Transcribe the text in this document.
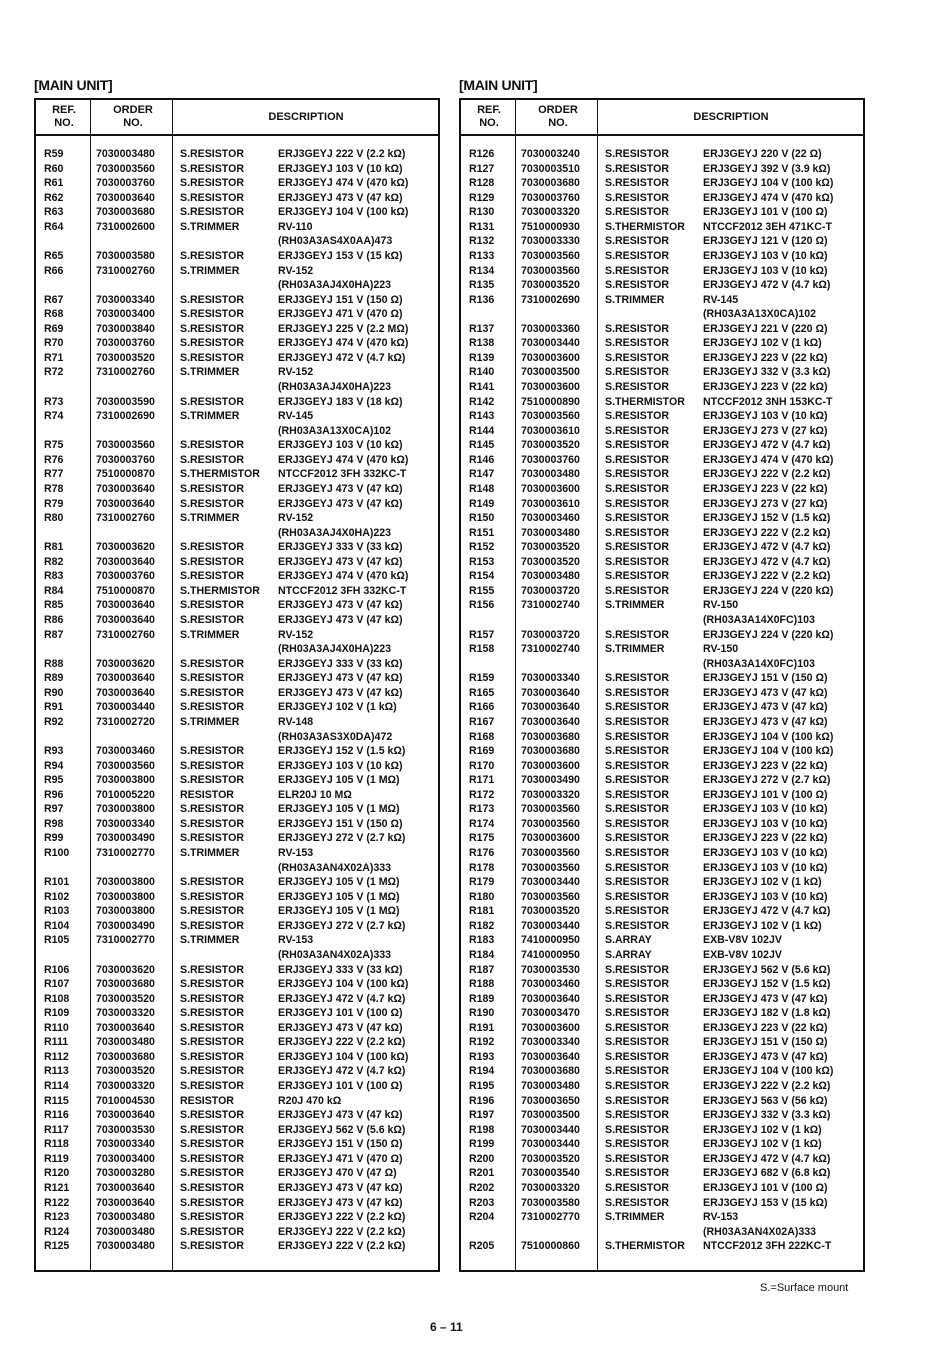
[MAIN UNIT]
REF.
NO.
ORDER
NO.
DESCRIPTION
R59	7030003480	S.RESISTOR	ERJ3GEYJ 222 V (2.2 kΩ)
R60	7030003560	S.RESISTOR	ERJ3GEYJ 103 V (10 kΩ)
R61	7030003760	S.RESISTOR	ERJ3GEYJ 474 V (470 kΩ)
R62	7030003640	S.RESISTOR	ERJ3GEYJ 473 V (47 kΩ)
R63	7030003680	S.RESISTOR	ERJ3GEYJ 104 V (100 kΩ)
R64	7310002600	S.TRIMMER	RV-110
(RH03A3AS4X0AA)473
R65	7030003580	S.RESISTOR	ERJ3GEYJ 153 V (15 kΩ)
R66	7310002760	S.TRIMMER	RV-152
(RH03A3AJ4X0HA)223
R67	7030003340	S.RESISTOR	ERJ3GEYJ 151 V (150 Ω)
R68	7030003400	S.RESISTOR	ERJ3GEYJ 471 V (470 Ω)
R69	7030003840	S.RESISTOR	ERJ3GEYJ 225 V (2.2 MΩ)
R70	7030003760	S.RESISTOR	ERJ3GEYJ 474 V (470 kΩ)
R71	7030003520	S.RESISTOR	ERJ3GEYJ 472 V (4.7 kΩ)
R72	7310002760	S.TRIMMER	RV-152
(RH03A3AJ4X0HA)223
R73	7030003590	S.RESISTOR	ERJ3GEYJ 183 V (18 kΩ)
R74	7310002690	S.TRIMMER	RV-145
(RH03A3A13X0CA)102
R75	7030003560	S.RESISTOR	ERJ3GEYJ 103 V (10 kΩ)
R76	7030003760	S.RESISTOR	ERJ3GEYJ 474 V (470 kΩ)
R77	7510000870	S.THERMISTOR	NTCCF2012 3FH 332KC-T
R78	7030003640	S.RESISTOR	ERJ3GEYJ 473 V (47 kΩ)
R79	7030003640	S.RESISTOR	ERJ3GEYJ 473 V (47 kΩ)
R80	7310002760	S.TRIMMER	RV-152
(RH03A3AJ4X0HA)223
R81	7030003620	S.RESISTOR	ERJ3GEYJ 333 V (33 kΩ)
R82	7030003640	S.RESISTOR	ERJ3GEYJ 473 V (47 kΩ)
R83	7030003760	S.RESISTOR	ERJ3GEYJ 474 V (470 kΩ)
R84	7510000870	S.THERMISTOR	NTCCF2012 3FH 332KC-T
R85	7030003640	S.RESISTOR	ERJ3GEYJ 473 V (47 kΩ)
R86	7030003640	S.RESISTOR	ERJ3GEYJ 473 V (47 kΩ)
R87	7310002760	S.TRIMMER	RV-152
(RH03A3AJ4X0HA)223
R88	7030003620	S.RESISTOR	ERJ3GEYJ 333 V (33 kΩ)
R89	7030003640	S.RESISTOR	ERJ3GEYJ 473 V (47 kΩ)
R90	7030003640	S.RESISTOR	ERJ3GEYJ 473 V (47 kΩ)
R91	7030003440	S.RESISTOR	ERJ3GEYJ 102 V (1 kΩ)
R92	7310002720	S.TRIMMER	RV-148
(RH03A3AS3X0DA)472
R93	7030003460	S.RESISTOR	ERJ3GEYJ 152 V (1.5 kΩ)
R94	7030003560	S.RESISTOR	ERJ3GEYJ 103 V (10 kΩ)
R95	7030003800	S.RESISTOR	ERJ3GEYJ 105 V (1 MΩ)
R96	7010005220	RESISTOR	ELR20J 10 MΩ
R97	7030003800	S.RESISTOR	ERJ3GEYJ 105 V (1 MΩ)
R98	7030003340	S.RESISTOR	ERJ3GEYJ 151 V (150 Ω)
R99	7030003490	S.RESISTOR	ERJ3GEYJ 272 V (2.7 kΩ)
R100	7310002770	S.TRIMMER	RV-153
(RH03A3AN4X02A)333
R101	7030003800	S.RESISTOR	ERJ3GEYJ 105 V (1 MΩ)
R102	7030003800	S.RESISTOR	ERJ3GEYJ 105 V (1 MΩ)
R103	7030003800	S.RESISTOR	ERJ3GEYJ 105 V (1 MΩ)
R104	7030003490	S.RESISTOR	ERJ3GEYJ 272 V (2.7 kΩ)
R105	7310002770	S.TRIMMER	RV-153
(RH03A3AN4X02A)333
R106	7030003620	S.RESISTOR	ERJ3GEYJ 333 V (33 kΩ)
R107	7030003680	S.RESISTOR	ERJ3GEYJ 104 V (100 kΩ)
R108	7030003520	S.RESISTOR	ERJ3GEYJ 472 V (4.7 kΩ)
R109	7030003320	S.RESISTOR	ERJ3GEYJ 101 V (100 Ω)
R110	7030003640	S.RESISTOR	ERJ3GEYJ 473 V (47 kΩ)
R111	7030003480	S.RESISTOR	ERJ3GEYJ 222 V (2.2 kΩ)
R112	7030003680	S.RESISTOR	ERJ3GEYJ 104 V (100 kΩ)
R113	7030003520	S.RESISTOR	ERJ3GEYJ 472 V (4.7 kΩ)
R114	7030003320	S.RESISTOR	ERJ3GEYJ 101 V (100 Ω)
R115	7010004530	RESISTOR	R20J 470 kΩ
R116	7030003640	S.RESISTOR	ERJ3GEYJ 473 V (47 kΩ)
R117	7030003530	S.RESISTOR	ERJ3GEYJ 562 V (5.6 kΩ)
R118	7030003340	S.RESISTOR	ERJ3GEYJ 151 V (150 Ω)
R119	7030003400	S.RESISTOR	ERJ3GEYJ 471 V (470 Ω)
R120	7030003280	S.RESISTOR	ERJ3GEYJ 470 V (47 Ω)
R121	7030003640	S.RESISTOR	ERJ3GEYJ 473 V (47 kΩ)
R122	7030003640	S.RESISTOR	ERJ3GEYJ 473 V (47 kΩ)
R123	7030003480	S.RESISTOR	ERJ3GEYJ 222 V (2.2 kΩ)
R124	7030003480	S.RESISTOR	ERJ3GEYJ 222 V (2.2 kΩ)
R125	7030003480	S.RESISTOR	ERJ3GEYJ 222 V (2.2 kΩ)
[MAIN UNIT]
REF.
NO.
ORDER
NO.
DESCRIPTION
R126	7030003240	S.RESISTOR	ERJ3GEYJ 220 V (22 Ω)
R127	7030003510	S.RESISTOR	ERJ3GEYJ 392 V (3.9 kΩ)
R128	7030003680	S.RESISTOR	ERJ3GEYJ 104 V (100 kΩ)
R129	7030003760	S.RESISTOR	ERJ3GEYJ 474 V (470 kΩ)
R130	7030003320	S.RESISTOR	ERJ3GEYJ 101 V (100 Ω)
R131	7510000930	S.THERMISTOR	NTCCF2012 3EH 471KC-T
R132	7030003330	S.RESISTOR	ERJ3GEYJ 121 V (120 Ω)
R133	7030003560	S.RESISTOR	ERJ3GEYJ 103 V (10 kΩ)
R134	7030003560	S.RESISTOR	ERJ3GEYJ 103 V (10 kΩ)
R135	7030003520	S.RESISTOR	ERJ3GEYJ 472 V (4.7 kΩ)
R136	7310002690	S.TRIMMER	RV-145
(RH03A3A13X0CA)102
R137	7030003360	S.RESISTOR	ERJ3GEYJ 221 V (220 Ω)
R138	7030003440	S.RESISTOR	ERJ3GEYJ 102 V (1 kΩ)
R139	7030003600	S.RESISTOR	ERJ3GEYJ 223 V (22 kΩ)
R140	7030003500	S.RESISTOR	ERJ3GEYJ 332 V (3.3 kΩ)
R141	7030003600	S.RESISTOR	ERJ3GEYJ 223 V (22 kΩ)
R142	7510000890	S.THERMISTOR	NTCCF2012 3NH 153KC-T
R143	7030003560	S.RESISTOR	ERJ3GEYJ 103 V (10 kΩ)
R144	7030003610	S.RESISTOR	ERJ3GEYJ 273 V (27 kΩ)
R145	7030003520	S.RESISTOR	ERJ3GEYJ 472 V (4.7 kΩ)
R146	7030003760	S.RESISTOR	ERJ3GEYJ 474 V (470 kΩ)
R147	7030003480	S.RESISTOR	ERJ3GEYJ 222 V (2.2 kΩ)
R148	7030003600	S.RESISTOR	ERJ3GEYJ 223 V (22 kΩ)
R149	7030003610	S.RESISTOR	ERJ3GEYJ 273 V (27 kΩ)
R150	7030003460	S.RESISTOR	ERJ3GEYJ 152 V (1.5 kΩ)
R151	7030003480	S.RESISTOR	ERJ3GEYJ 222 V (2.2 kΩ)
R152	7030003520	S.RESISTOR	ERJ3GEYJ 472 V (4.7 kΩ)
R153	7030003520	S.RESISTOR	ERJ3GEYJ 472 V (4.7 kΩ)
R154	7030003480	S.RESISTOR	ERJ3GEYJ 222 V (2.2 kΩ)
R155	7030003720	S.RESISTOR	ERJ3GEYJ 224 V (220 kΩ)
R156	7310002740	S.TRIMMER	RV-150
(RH03A3A14X0FC)103
R157	7030003720	S.RESISTOR	ERJ3GEYJ 224 V (220 kΩ)
R158	7310002740	S.TRIMMER	RV-150
(RH03A3A14X0FC)103
R159	7030003340	S.RESISTOR	ERJ3GEYJ 151 V (150 Ω)
R165	7030003640	S.RESISTOR	ERJ3GEYJ 473 V (47 kΩ)
R166	7030003640	S.RESISTOR	ERJ3GEYJ 473 V (47 kΩ)
R167	7030003640	S.RESISTOR	ERJ3GEYJ 473 V (47 kΩ)
R168	7030003680	S.RESISTOR	ERJ3GEYJ 104 V (100 kΩ)
R169	7030003680	S.RESISTOR	ERJ3GEYJ 104 V (100 kΩ)
R170	7030003600	S.RESISTOR	ERJ3GEYJ 223 V (22 kΩ)
R171	7030003490	S.RESISTOR	ERJ3GEYJ 272 V (2.7 kΩ)
R172	7030003320	S.RESISTOR	ERJ3GEYJ 101 V (100 Ω)
R173	7030003560	S.RESISTOR	ERJ3GEYJ 103 V (10 kΩ)
R174	7030003560	S.RESISTOR	ERJ3GEYJ 103 V (10 kΩ)
R175	7030003600	S.RESISTOR	ERJ3GEYJ 223 V (22 kΩ)
R176	7030003560	S.RESISTOR	ERJ3GEYJ 103 V (10 kΩ)
R178	7030003560	S.RESISTOR	ERJ3GEYJ 103 V (10 kΩ)
R179	7030003440	S.RESISTOR	ERJ3GEYJ 102 V (1 kΩ)
R180	7030003560	S.RESISTOR	ERJ3GEYJ 103 V (10 kΩ)
R181	7030003520	S.RESISTOR	ERJ3GEYJ 472 V (4.7 kΩ)
R182	7030003440	S.RESISTOR	ERJ3GEYJ 102 V (1 kΩ)
R183	7410000950	S.ARRAY	EXB-V8V 102JV
R184	7410000950	S.ARRAY	EXB-V8V 102JV
R187	7030003530	S.RESISTOR	ERJ3GEYJ 562 V (5.6 kΩ)
R188	7030003460	S.RESISTOR	ERJ3GEYJ 152 V (1.5 kΩ)
R189	7030003640	S.RESISTOR	ERJ3GEYJ 473 V (47 kΩ)
R190	7030003470	S.RESISTOR	ERJ3GEYJ 182 V (1.8 kΩ)
R191	7030003600	S.RESISTOR	ERJ3GEYJ 223 V (22 kΩ)
R192	7030003340	S.RESISTOR	ERJ3GEYJ 151 V (150 Ω)
R193	7030003640	S.RESISTOR	ERJ3GEYJ 473 V (47 kΩ)
R194	7030003680	S.RESISTOR	ERJ3GEYJ 104 V (100 kΩ)
R195	7030003480	S.RESISTOR	ERJ3GEYJ 222 V (2.2 kΩ)
R196	7030003650	S.RESISTOR	ERJ3GEYJ 563 V (56 kΩ)
R197	7030003500	S.RESISTOR	ERJ3GEYJ 332 V (3.3 kΩ)
R198	7030003440	S.RESISTOR	ERJ3GEYJ 102 V (1 kΩ)
R199	7030003440	S.RESISTOR	ERJ3GEYJ 102 V (1 kΩ)
R200	7030003520	S.RESISTOR	ERJ3GEYJ 472 V (4.7 kΩ)
R201	7030003540	S.RESISTOR	ERJ3GEYJ 682 V (6.8 kΩ)
R202	7030003320	S.RESISTOR	ERJ3GEYJ 101 V (100 Ω)
R203	7030003580	S.RESISTOR	ERJ3GEYJ 153 V (15 kΩ)
R204	7310002770	S.TRIMMER	RV-153
(RH03A3AN4X02A)333
R205	7510000860	S.THERMISTOR	NTCCF2012 3FH 222KC-T
S.=Surface mount
6 – 11
